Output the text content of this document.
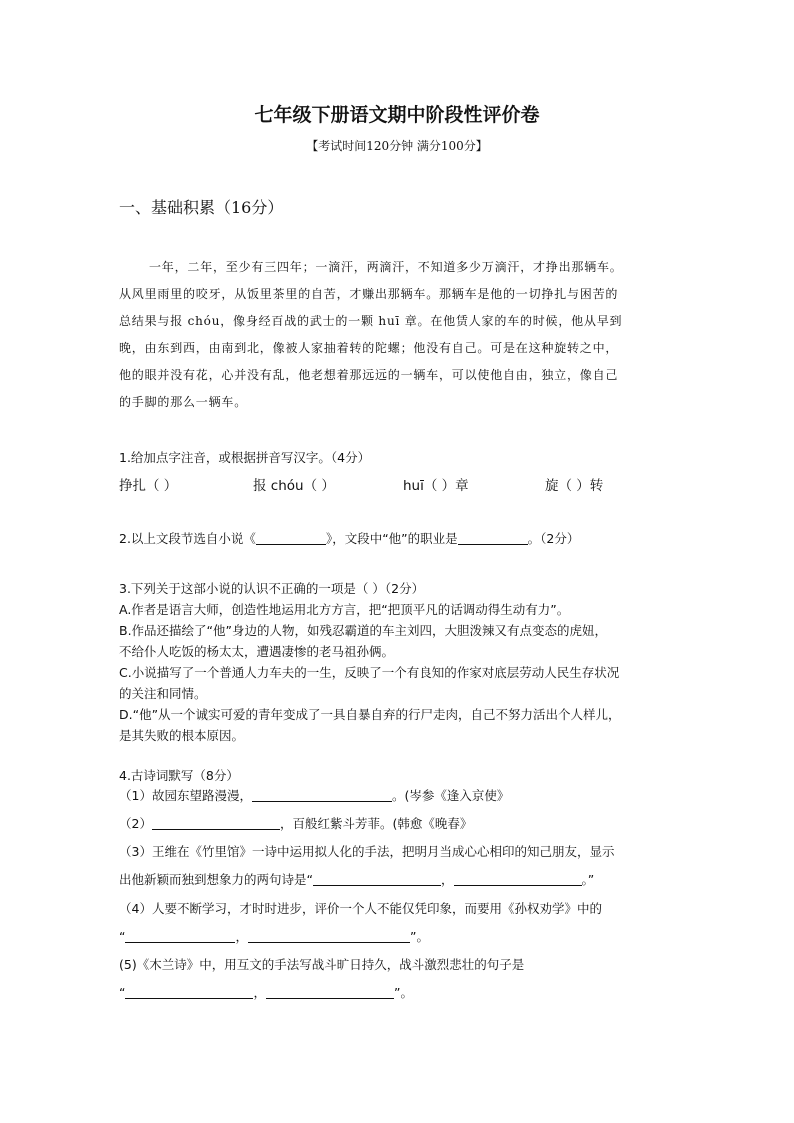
七年级下册语文期中阶段性评价卷
【考试时间120分钟 满分100分】
一、基础积累（16分）
一年，二年，至少有三四年；一滴汗，两滴汗，不知道多少万滴汗，才挣出那辆车。
从风里雨里的咬牙，从饭里茶里的自苦，才赚出那辆车。那辆车是他的一切挣扎与困苦的
总结果与报 chóu，像身经百战的武士的一颗 huī 章。在他赁人家的车的时候，他从早到
晚，由东到西，由南到北，像被人家抽着转的陀螺；他没有自己。可是在这种旋转之中，
他的眼并没有花，心并没有乱，他老想着那远远的一辆车，可以使他自由，独立，像自己
的手脚的那么一辆车。
1.给加点字注音，或根据拼音写汉字。（4分）
挣扎（ ）	报 chóu（ ）	huī（ ）章	旋（ ）转
2.以上文段节选自小说《	》，文段中“他”的职业是	。（2分）
3.下列关于这部小说的认识不正确的一项是（ ）（2分）
A.作者是语言大师，创造性地运用北方方言，把“把顶平凡的话调动得生动有力”。
B.作品还描绘了“他”身边的人物，如残忍霸道的车主刘四，大胆泼辣又有点变态的虎妞，
不给仆人吃饭的杨太太，遭遇凄惨的老马祖孙俩。
C.小说描写了一个普通人力车夫的一生，反映了一个有良知的作家对底层劳动人民生存状况
的关注和同情。
D.“他”从一个诚实可爱的青年变成了一具自暴自弃的行尸走肉，自己不努力活出个人样儿，
是其失败的根本原因。
4.古诗词默写（8分）
（1）故园东望路漫漫，	。(岑参《逢入京使》
（2）	，百般红紫斗芳菲。(韩愈《晚春》
（3）王维在《竹里馆》一诗中运用拟人化的手法，把明月当成心心相印的知己朋友，显示
出他新颖而独到想象力的两句诗是“	，	。”
（4）人要不断学习，才时时进步，评价一个人不能仅凭印象，而要用《孙权劝学》中的
“	，	”。
(5)《木兰诗》中，用互文的手法写战斗旷日持久，战斗激烈悲壮的句子是
“	，	”。
